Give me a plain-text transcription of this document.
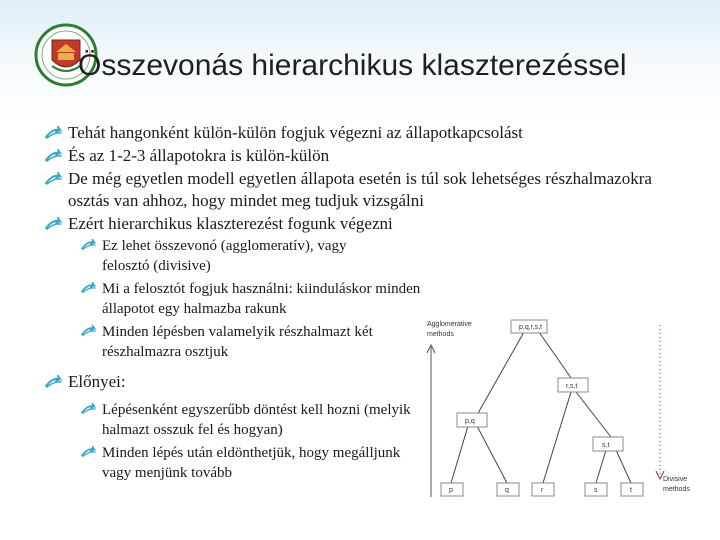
Összevonás hierarchikus klaszterezéssel
Tehát hangonként külön-külön fogjuk végezni az állapotkapcsolást
És az 1-2-3 állapotokra is külön-külön
De még egyetlen modell egyetlen állapota esetén is túl sok lehetséges részhalmazokra osztás van ahhoz, hogy mindet meg tudjuk vizsgálni
Ezért hierarchikus klaszterezést fogunk végezni
Ez lehet összevonó (agglomeratív), vagy felosztó (divisive)
Mi a felosztót fogjuk használni: kiinduláskor minden állapotot egy halmazba rakunk
Minden lépésben valamelyik részhalmazt két részhalmazra osztjuk
Előnyei:
Lépésenként egyszerűbb döntést kell hozni (melyik halmazt osszuk fel és hogyan)
Minden lépés után eldönthetjük, hogy megálljunk vagy menjünk tovább
Agglomerative
methods
Divisive
methods
p,q,r,s,t
r,s,t
p,q
s,t
p	q	r	s	t
